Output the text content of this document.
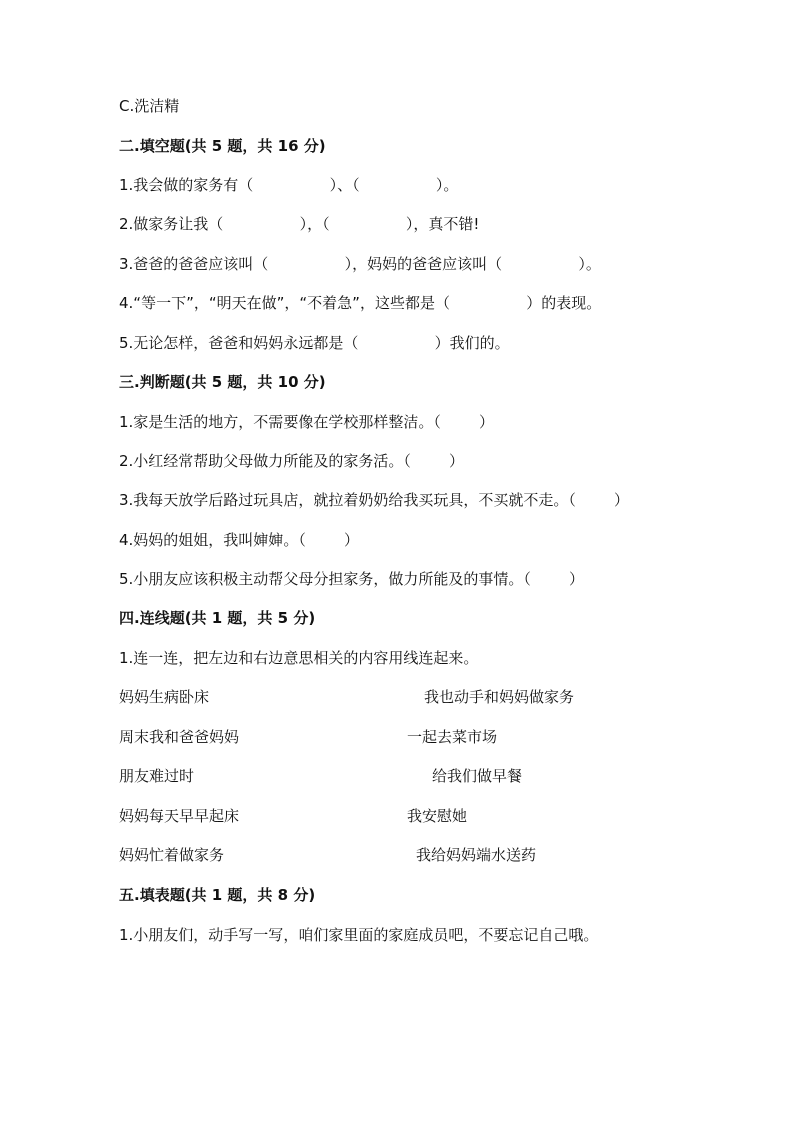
C.洗洁精
二.填空题(共 5 题，共 16 分)
1.我会做的家务有（                ）、（                ）。
2.做家务让我（                ），（                ），真不错!
3.爸爸的爸爸应该叫（                ），妈妈的爸爸应该叫（                ）。
4.“等一下”，“明天在做”，“不着急”，这些都是（                ）的表现。
5.无论怎样，爸爸和妈妈永远都是（                ）我们的。
三.判断题(共 5 题，共 10 分)
1.家是生活的地方，不需要像在学校那样整洁。（        ）
2.小红经常帮助父母做力所能及的家务活。（        ）
3.我每天放学后路过玩具店，就拉着奶奶给我买玩具，不买就不走。（        ）
4.妈妈的姐姐，我叫婶婶。（        ）
5.小朋友应该积极主动帮父母分担家务，做力所能及的事情。（        ）
四.连线题(共 1 题，共 5 分)
1.连一连，把左边和右边意思相关的内容用线连起来。
妈妈生病卧床	我也动手和妈妈做家务
周末我和爸爸妈妈	一起去菜市场
朋友难过时	给我们做早餐
妈妈每天早早起床	我安慰她
妈妈忙着做家务	我给妈妈端水送药
五.填表题(共 1 题，共 8 分)
1.小朋友们，动手写一写，咱们家里面的家庭成员吧，不要忘记自己哦。
